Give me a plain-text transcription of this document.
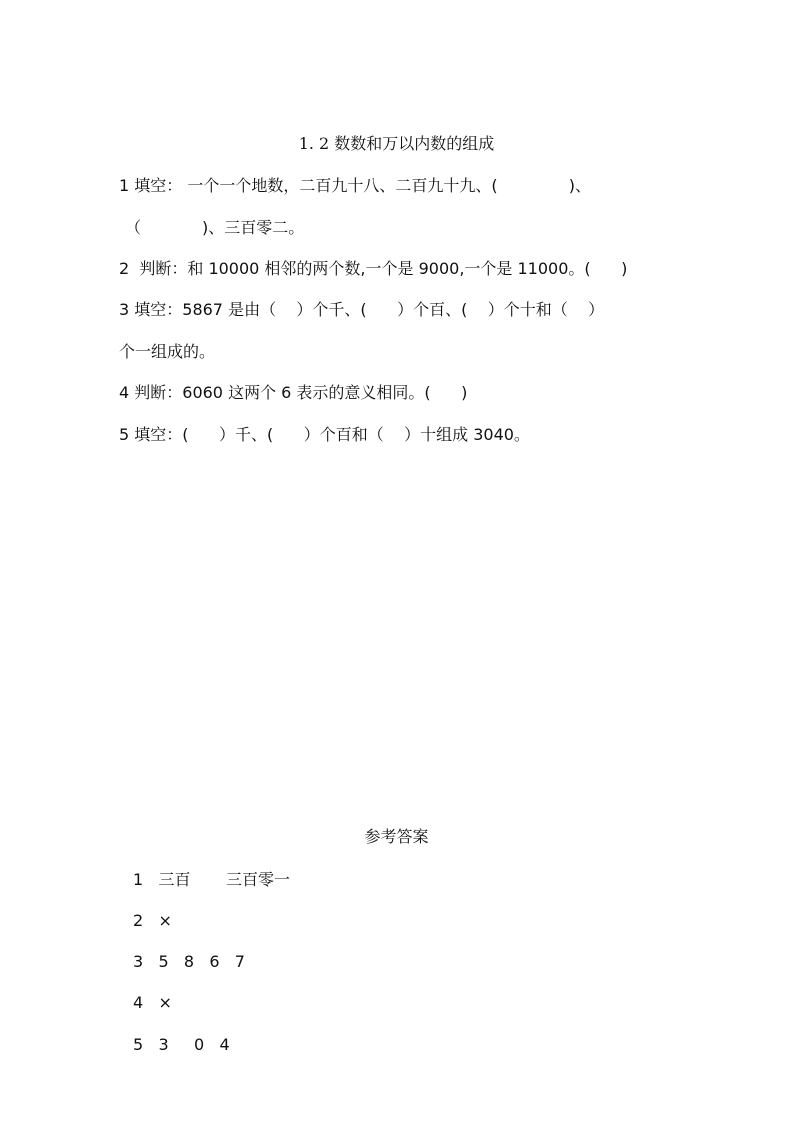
1. 2 数数和万以内数的组成
1 填空： 一个一个地数，二百九十八、二百九十九、(              )、
（            )、三百零二。
2  判断：和 10000 相邻的两个数,一个是 9000,一个是 11000。(      )
3 填空：5867 是由（    ）个千、(      ）个百、(    ）个十和（    ）
个一组成的。
4 判断：6060 这两个 6 表示的意义相同。(      )
5 填空：(      ）千、(      ）个百和（    ）十组成 3040。
参考答案
1   三百       三百零一
2   ×
3   5   8   6   7
4   ×
5   3     0   4
